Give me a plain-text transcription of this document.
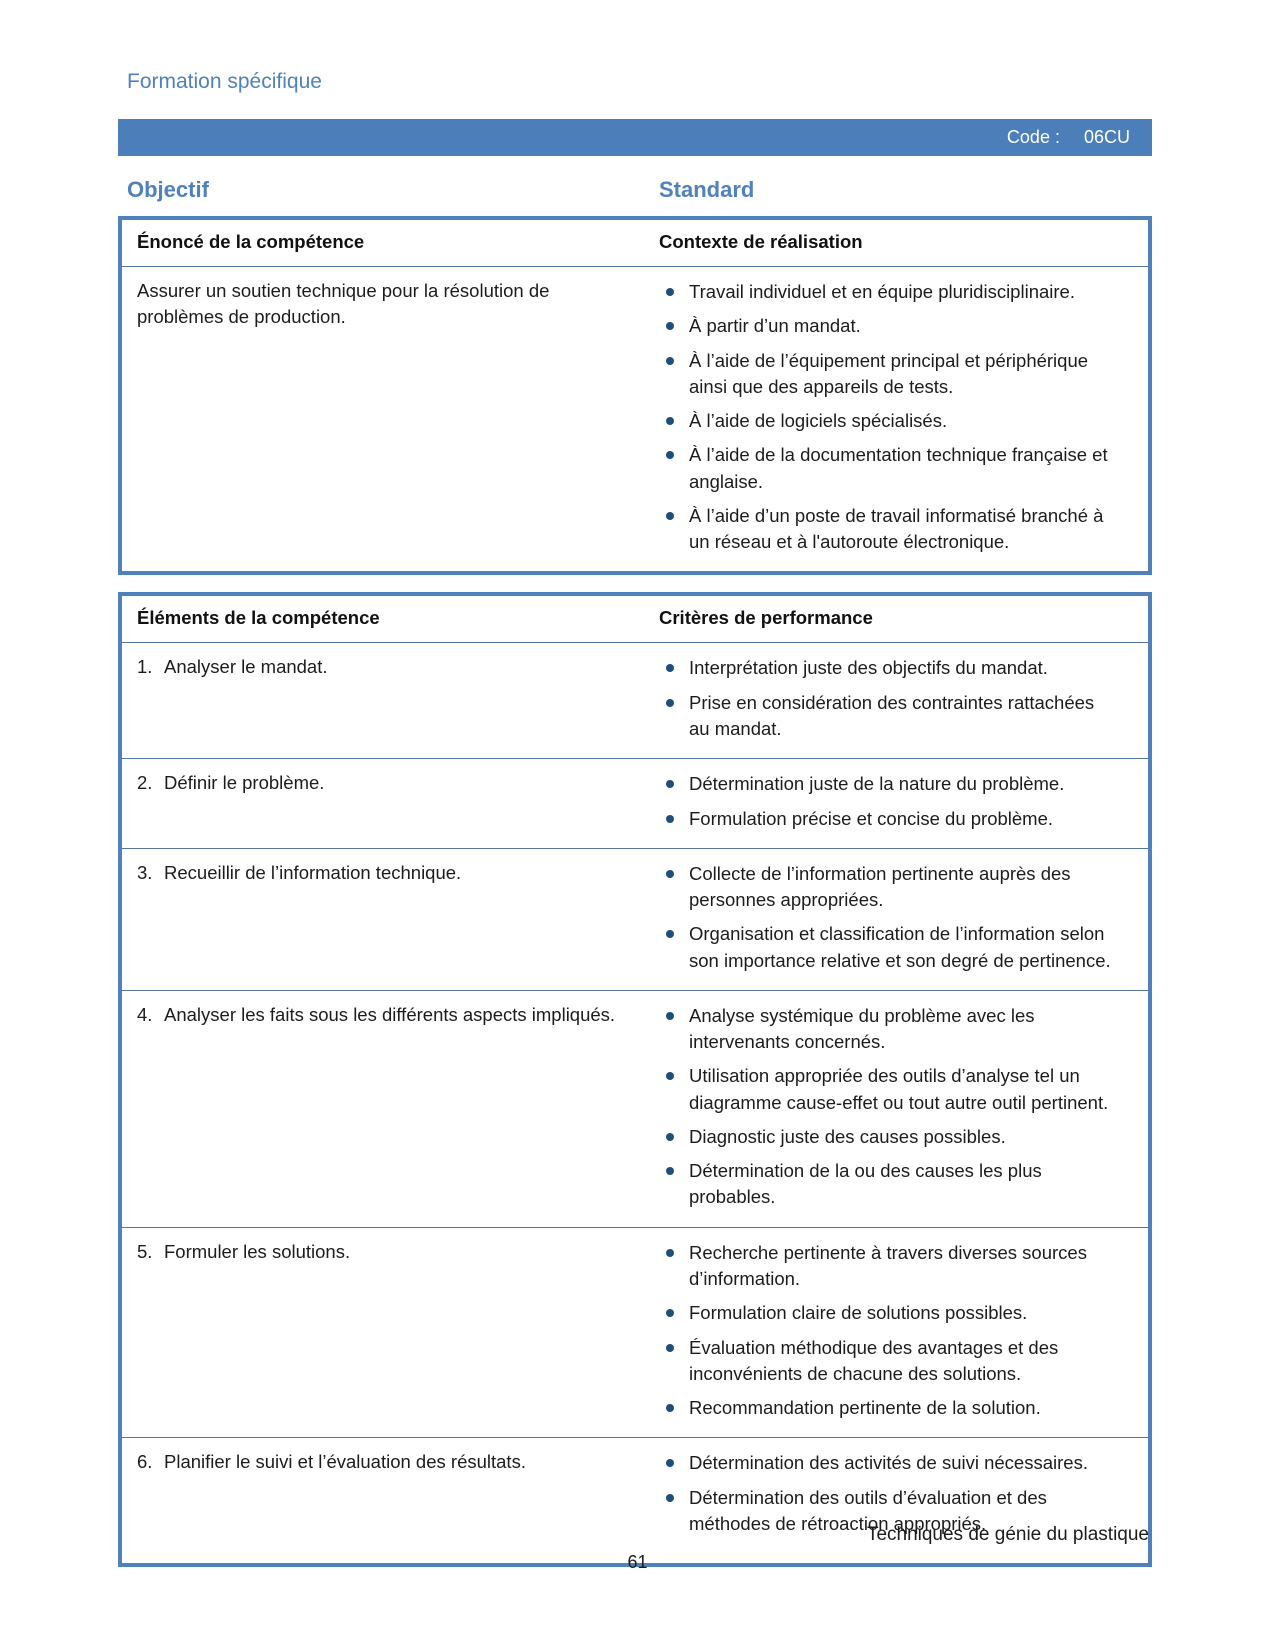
Formation spécifique
Code : 06CU
Objectif	Standard
Énoncé de la compétence	Contexte de réalisation
Assurer un soutien technique pour la résolution de problèmes de production.
Travail individuel et en équipe pluridisciplinaire.
À partir d’un mandat.
À l’aide de l’équipement principal et périphérique ainsi que des appareils de tests.
À l’aide de logiciels spécialisés.
À l’aide de la documentation technique française et anglaise.
À l’aide d’un poste de travail informatisé branché à un réseau et à l'autoroute électronique.
Éléments de la compétence	Critères de performance
1. Analyser le mandat.	Interprétation juste des objectifs du mandat.
Prise en considération des contraintes rattachées au mandat.
2. Définir le problème.	Détermination juste de la nature du problème.
Formulation précise et concise du problème.
3. Recueillir de l’information technique.	Collecte de l’information pertinente auprès des personnes appropriées.
Organisation et classification de l’information selon son importance relative et son degré de pertinence.
4. Analyser les faits sous les différents aspects impliqués.	Analyse systémique du problème avec les intervenants concernés.
Utilisation appropriée des outils d’analyse tel un diagramme cause-effet ou tout autre outil pertinent.
Diagnostic juste des causes possibles.
Détermination de la ou des causes les plus probables.
5. Formuler les solutions.	Recherche pertinente à travers diverses sources d’information.
Formulation claire de solutions possibles.
Évaluation méthodique des avantages et des inconvénients de chacune des solutions.
Recommandation pertinente de la solution.
6. Planifier le suivi et l’évaluation des résultats.	Détermination des activités de suivi nécessaires.
Détermination des outils d’évaluation et des méthodes de rétroaction appropriés.
Techniques de génie du plastique
61
